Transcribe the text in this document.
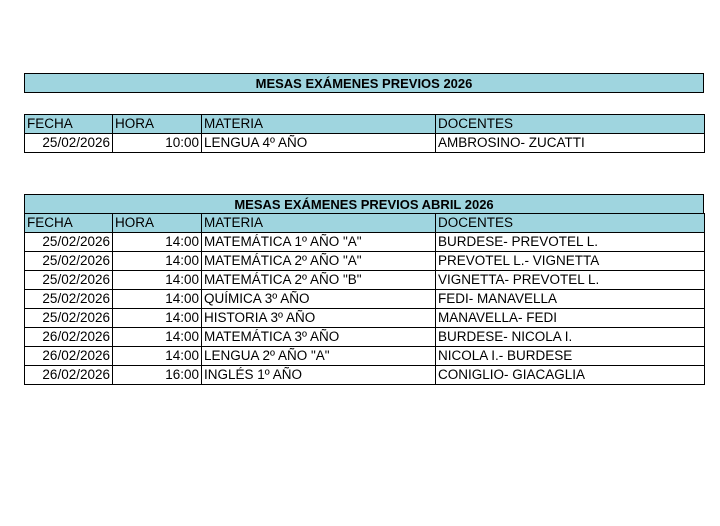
MESAS EXÁMENES PREVIOS 2026
FECHA	HORA	MATERIA	DOCENTES
25/02/2026	10:00	LENGUA 4º AÑO	AMBROSINO- ZUCATTI
MESAS EXÁMENES PREVIOS ABRIL 2026
FECHA	HORA	MATERIA	DOCENTES
25/02/2026	14:00	MATEMÁTICA 1º AÑO "A"	BURDESE- PREVOTEL L.
25/02/2026	14:00	MATEMÁTICA 2º AÑO "A"	PREVOTEL L.- VIGNETTA
25/02/2026	14:00	MATEMÁTICA 2º AÑO "B"	VIGNETTA- PREVOTEL L.
25/02/2026	14:00	QUÍMICA 3º AÑO	FEDI- MANAVELLA
25/02/2026	14:00	HISTORIA 3º AÑO	MANAVELLA- FEDI
26/02/2026	14:00	MATEMÁTICA 3º AÑO	BURDESE- NICOLA I.
26/02/2026	14:00	LENGUA 2º AÑO "A"	NICOLA I.- BURDESE
26/02/2026	16:00	INGLÉS 1º AÑO	CONIGLIO- GIACAGLIA
